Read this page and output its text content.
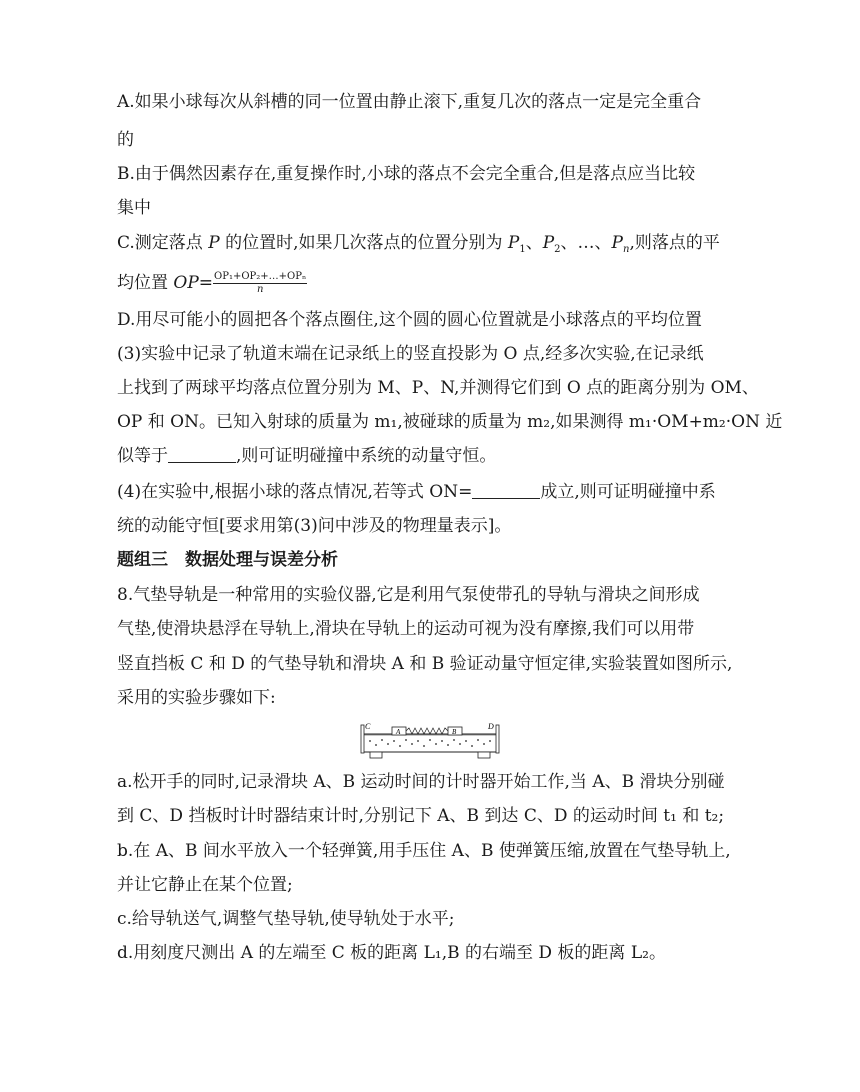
A.如果小球每次从斜槽的同一位置由静止滚下,重复几次的落点一定是完全重合

的

B.由于偶然因素存在,重复操作时,小球的落点不会完全重合,但是落点应当比较

集中

C.测定落点 P 的位置时,如果几次落点的位置分别为 $P_1$、$P_2$、…、$P_n$,则落点的平

均位置 $OP= \frac{\text{OP₁+OP₂+…+OPₙ}}{n}$

D.用尽可能小的圆把各个落点圈住,这个圆的圆心位置就是小球落点的平均位置

(3)实验中记录了轨道末端在记录纸上的竖直投影为 O 点,经多次实验,在记录纸

上找到了两球平均落点位置分别为 M、P、N,并测得它们到 O 点的距离分别为 OM、

OP 和 ON。已知入射球的质量为 m₁,被碰球的质量为 m₂,如果测得 m₁·OM+m₂·ON 近

似等于	,则可证明碰撞中系统的动量守恒。

(4)在实验中,根据小球的落点情况,若等式 ON=	成立,则可证明碰撞中系

统的动能守恒[要求用第(3)问中涉及的物理量表示]。

题组三　数据处理与误差分析

8.气垫导轨是一种常用的实验仪器,它是利用气泵使带孔的导轨与滑块之间形成

气垫,使滑块悬浮在导轨上,滑块在导轨上的运动可视为没有摩擦,我们可以用带

竖直挡板 C 和 D 的气垫导轨和滑块 A 和 B 验证动量守恒定律,实验装置如图所示,

采用的实验步骤如下:

a.松开手的同时,记录滑块 A、B 运动时间的计时器开始工作,当 A、B 滑块分别碰

到 C、D 挡板时计时器结束计时,分别记下 A、B 到达 C、D 的运动时间 t₁ 和 t₂;

b.在 A、B 间水平放入一个轻弹簧,用手压住 A、B 使弹簧压缩,放置在气垫导轨上,

并让它静止在某个位置;

c.给导轨送气,调整气垫导轨,使导轨处于水平;

d.用刻度尺测出 A 的左端至 C 板的距离 L₁,B 的右端至 D 板的距离 L₂。

C	D
A	B
